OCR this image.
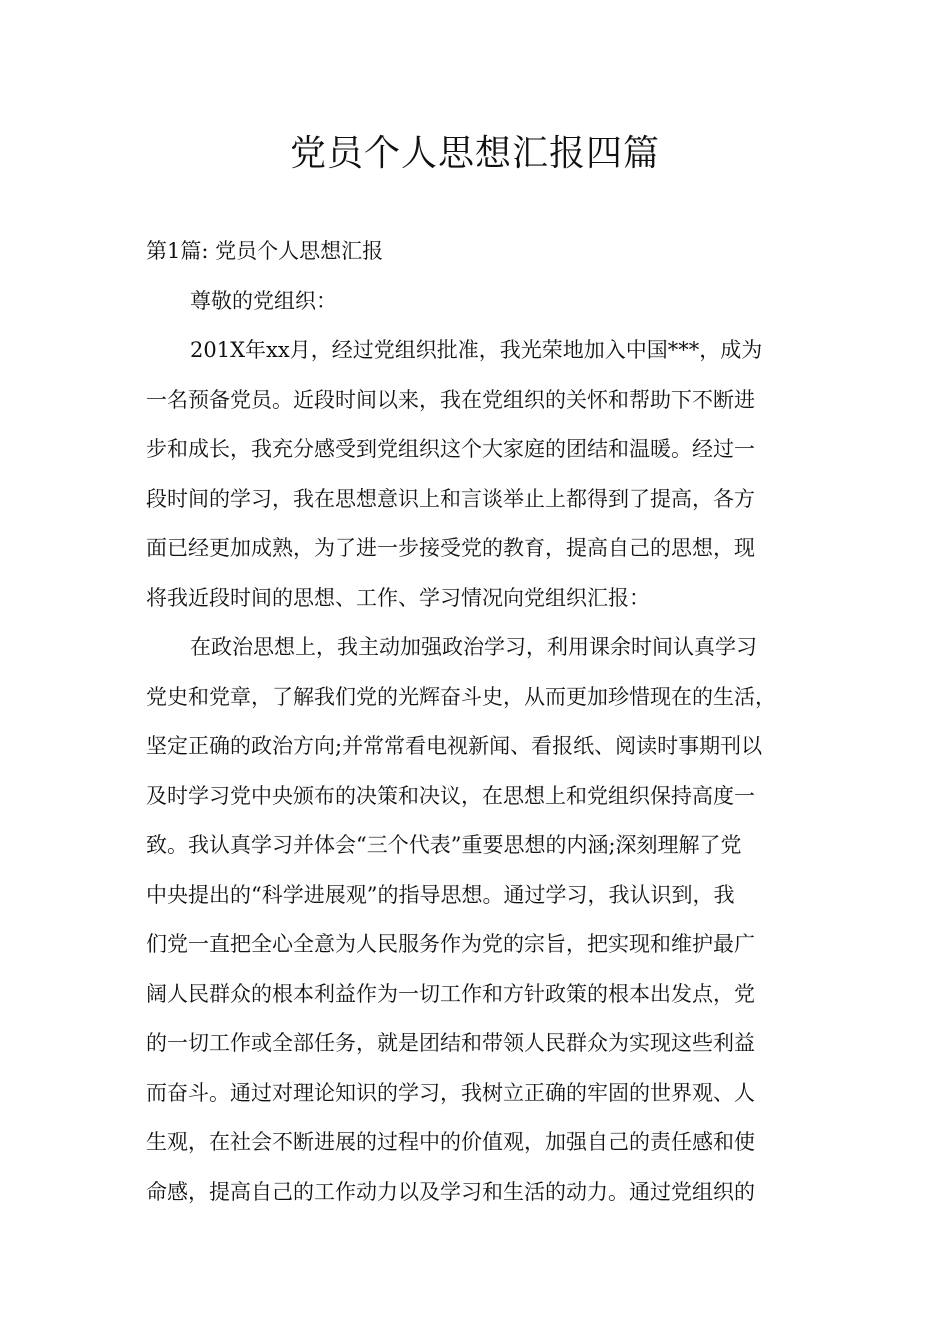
党员个人思想汇报四篇
第1篇: 党员个人思想汇报
尊敬的党组织：
201X年xx月，经过党组织批准，我光荣地加入中国***，成为
一名预备党员。近段时间以来，我在党组织的关怀和帮助下不断进
步和成长，我充分感受到党组织这个大家庭的团结和温暖。经过一
段时间的学习，我在思想意识上和言谈举止上都得到了提高，各方
面已经更加成熟，为了进一步接受党的教育，提高自己的思想，现
将我近段时间的思想、工作、学习情况向党组织汇报：
在政治思想上，我主动加强政治学习，利用课余时间认真学习
党史和党章，了解我们党的光辉奋斗史，从而更加珍惜现在的生活，
坚定正确的政治方向;并常常看电视新闻、看报纸、阅读时事期刊以
及时学习党中央颁布的决策和决议，在思想上和党组织保持高度一
致。我认真学习并体会“三个代表”重要思想的内涵;深刻理解了党
中央提出的“科学进展观”的指导思想。通过学习，我认识到，我
们党一直把全心全意为人民服务作为党的宗旨，把实现和维护最广
阔人民群众的根本利益作为一切工作和方针政策的根本出发点，党
的一切工作或全部任务，就是团结和带领人民群众为实现这些利益
而奋斗。通过对理论知识的学习，我树立正确的牢固的世界观、人
生观，在社会不断进展的过程中的价值观，加强自己的责任感和使
命感，提高自己的工作动力以及学习和生活的动力。通过党组织的
